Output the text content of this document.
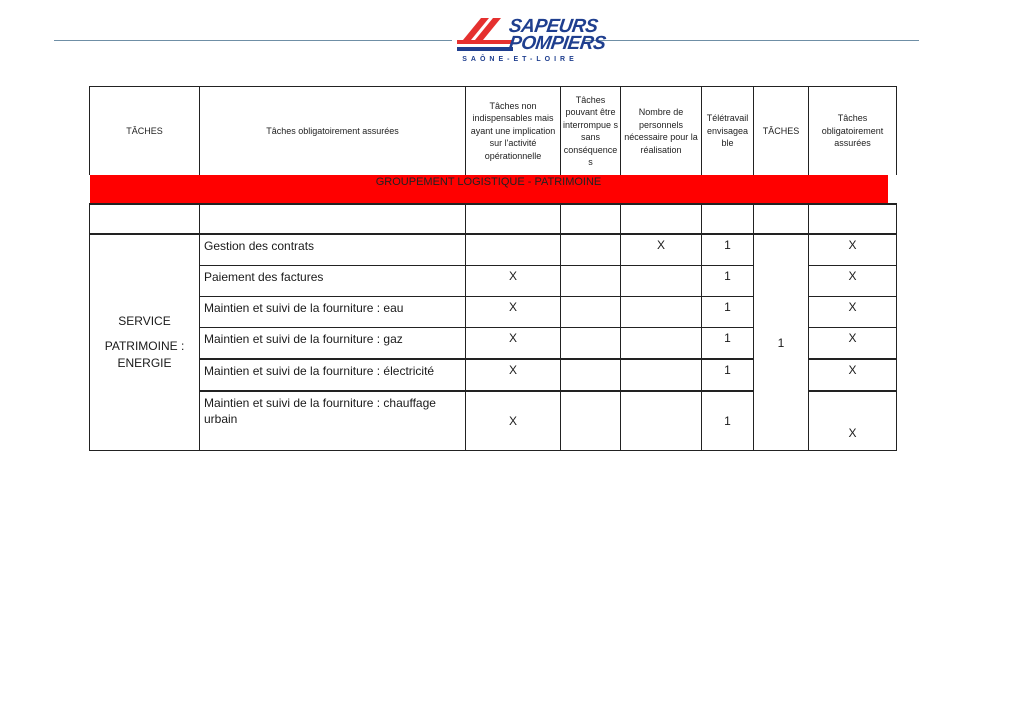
SAPEURS
POMPIERS
SAÔNE-ET-LOIRE
TÂCHES	Tâches obligatoirement assurées	Tâches non indispensables mais ayant une implication sur l'activité opérationnelle	Tâches pouvant être interrompue s sans conséquence s	Nombre de personnels nécessaire pour la réalisation	Télétravail envisagea ble	TÂCHES	Tâches obligatoirement assurées

GROUPEMENT LOGISTIQUE - PATRIMOINE							

SERVICE
PATRIMOINE :
ENERGIE	Gestion des contrats			X	1	1	X
	Paiement des factures	X			1		X
	Maintien et suivi de la fourniture : eau	X			1		X
	Maintien et suivi de la fourniture : gaz	X			1		X
	Maintien et suivi de la fourniture : électricité	X			1		X
	Maintien et suivi de la fourniture : chauffage urbain	X			1		X
